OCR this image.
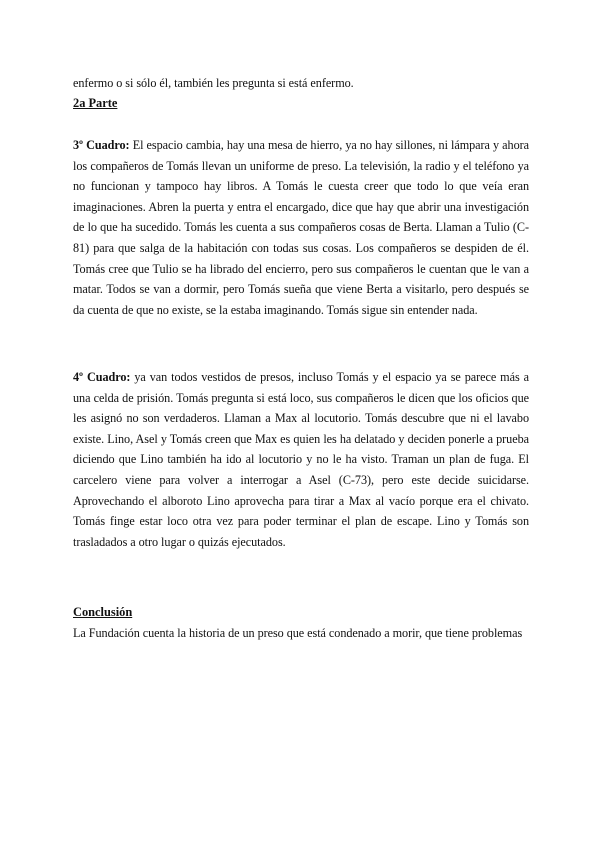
enfermo o si sólo él, también les pregunta si está enfermo.
2a Parte
3º Cuadro: El espacio cambia, hay una mesa de hierro, ya no hay sillones, ni lámpara y ahora los compañeros de Tomás llevan un uniforme de preso. La televisión, la radio y el teléfono ya no funcionan y tampoco hay libros. A Tomás le cuesta creer que todo lo que veía eran imaginaciones. Abren la puerta y entra el encargado, dice que hay que abrir una investigación de lo que ha sucedido. Tomás les cuenta a sus compañeros cosas de Berta. Llaman a Tulio (C-81) para que salga de la habitación con todas sus cosas. Los compañeros se despiden de él. Tomás cree que Tulio se ha librado del encierro, pero sus compañeros le cuentan que le van a matar. Todos se van a dormir, pero Tomás sueña que viene Berta a visitarlo, pero después se da cuenta de que no existe, se la estaba imaginando. Tomás sigue sin entender nada.
4º Cuadro: ya van todos vestidos de presos, incluso Tomás y el espacio ya se parece más a una celda de prisión. Tomás pregunta si está loco, sus compañeros le dicen que los oficios que les asignó no son verdaderos. Llaman a Max al locutorio. Tomás descubre que ni el lavabo existe. Lino, Asel y Tomás creen que Max es quien les ha delatado y deciden ponerle a prueba diciendo que Lino también ha ido al locutorio y no le ha visto. Traman un plan de fuga. El carcelero viene para volver a interrogar a Asel (C-73), pero este decide suicidarse. Aprovechando el alboroto Lino aprovecha para tirar a Max al vacío porque era el chivato. Tomás finge estar loco otra vez para poder terminar el plan de escape. Lino y Tomás son trasladados a otro lugar o quizás ejecutados.
Conclusión
La Fundación cuenta la historia de un preso que está condenado a morir, que tiene problemas
